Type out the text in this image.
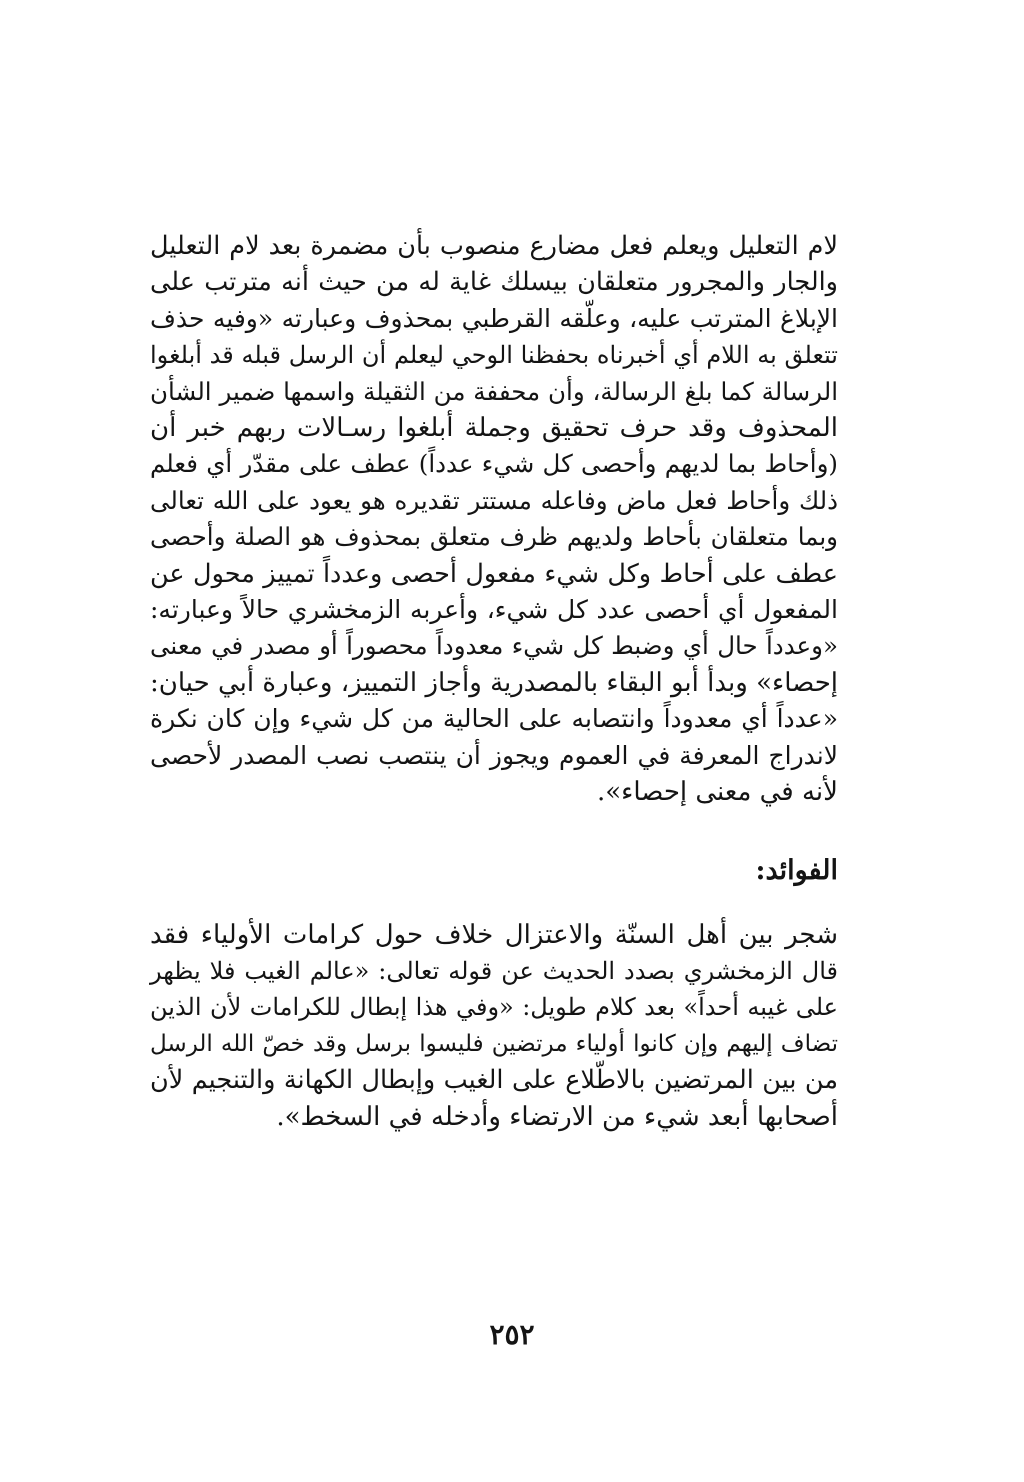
لام التعليل ويعلم فعل مضارع منصوب بأن مضمرة بعد لام التعليل
والجار والمجرور متعلقان بيسلك غاية له من حيث أنه مترتب على
الإبلاغ المترتب عليه، وعلّقه القرطبي بمحذوف وعبارته «وفيه حذف
تتعلق به اللام أي أخبرناه بحفظنا الوحي ليعلم أن الرسل قبله قد أبلغوا
الرسالة كما بلغ الرسالة، وأن محففة من الثقيلة واسمها ضمير الشأن
المحذوف وقد حرف تحقيق وجملة أبلغوا رسـالات ربهم خبر أن
(وأحاط بما لديهم وأحصى كل شيء عدداً) عطف على مقدّر أي فعلم
ذلك وأحاط فعل ماض وفاعله مستتر تقديره هو يعود على الله تعالى
وبما متعلقان بأحاط ولديهم ظرف متعلق بمحذوف هو الصلة وأحصى
عطف على أحاط وكل شيء مفعول أحصى وعدداً تمييز محول عن
المفعول أي أحصى عدد كل شيء، وأعربه الزمخشري حالاً وعبارته:
«وعدداً حال أي وضبط كل شيء معدوداً محصوراً أو مصدر في معنى
إحصاء» وبدأ أبو البقاء بالمصدرية وأجاز التمييز، وعبارة أبي حيان:
«عدداً أي معدوداً وانتصابه على الحالية من كل شيء وإن كان نكرة
لاندراج المعرفة في العموم ويجوز أن ينتصب نصب المصدر لأحصى
لأنه في معنى إحصاء».
الفوائد:
شجر بين أهل السنّة والاعتزال خلاف حول كرامات الأولياء فقد
قال الزمخشري بصدد الحديث عن قوله تعالى: «عالم الغيب فلا يظهر
على غيبه أحداً» بعد كلام طويل: «وفي هذا إبطال للكرامات لأن الذين
تضاف إليهم وإن كانوا أولياء مرتضين فليسوا برسل وقد خصّ الله الرسل
من بين المرتضين بالاطّلاع على الغيب وإبطال الكهانة والتنجيم لأن
أصحابها أبعد شيء من الارتضاء وأدخله في السخط».
٢٥٢
